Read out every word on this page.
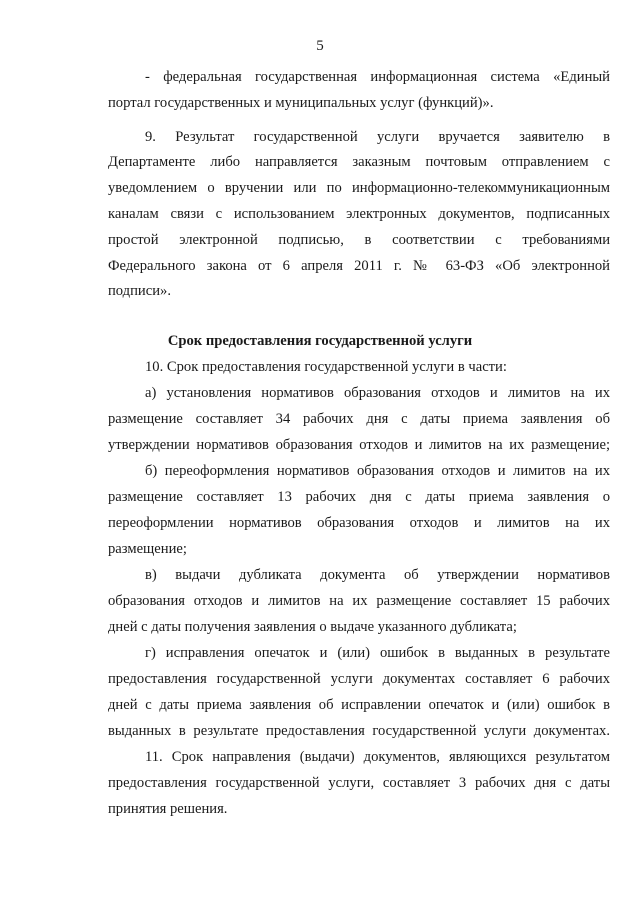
5
- федеральная государственная информационная система «Единый
портал государственных и муниципальных услуг (функций)».
9. Результат государственной услуги вручается заявителю в
Департаменте либо направляется заказным почтовым отправлением с
уведомлением о вручении или по информационно-телекоммуникационным
каналам связи с использованием электронных документов, подписанных
простой электронной подписью, в соответствии с требованиями
Федерального закона от 6 апреля 2011 г. № 63-ФЗ «Об электронной
подписи».
Срок предоставления государственной услуги
10. Срок предоставления государственной услуги в части:
а) установления нормативов образования отходов и лимитов на их
размещение составляет 34 рабочих дня с даты приема заявления об
утверждении нормативов образования отходов и лимитов на их размещение;
б) переоформления нормативов образования отходов и лимитов на их
размещение составляет 13 рабочих дня с даты приема заявления о
переоформлении нормативов образования отходов и лимитов на их
размещение;
в) выдачи дубликата документа об утверждении нормативов
образования отходов и лимитов на их размещение составляет 15 рабочих
дней с даты получения заявления о выдаче указанного дубликата;
г) исправления опечаток и (или) ошибок в выданных в результате
предоставления государственной услуги документах составляет 6 рабочих
дней с даты приема заявления об исправлении опечаток и (или) ошибок в
выданных в результате предоставления государственной услуги документах.
11. Срок направления (выдачи) документов, являющихся результатом
предоставления государственной услуги, составляет 3 рабочих дня с даты
принятия решения.
